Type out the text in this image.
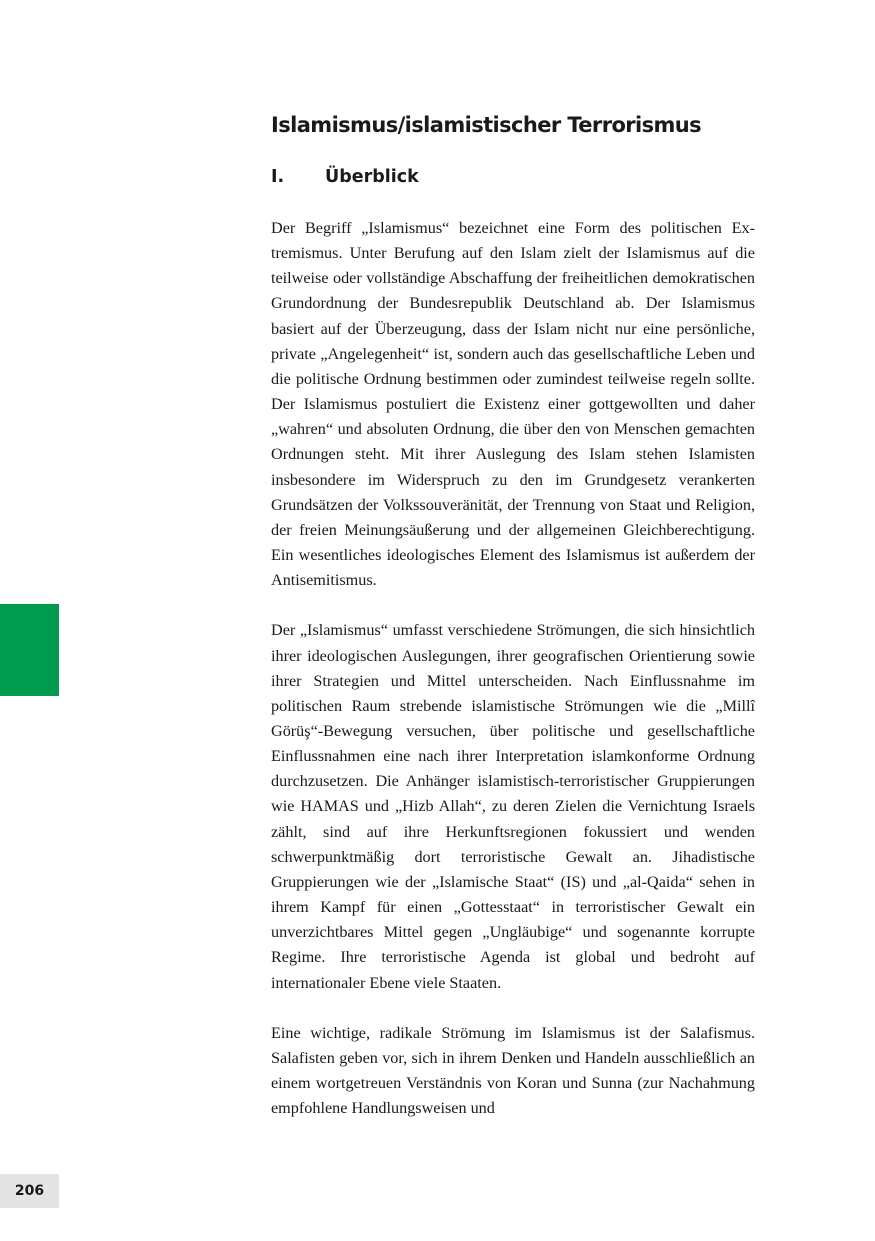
Islamismus/islamistischer Terrorismus
I. Überblick

Der Begriff „Islamismus“ bezeichnet eine Form des politischen Extremismus. Unter Berufung auf den Islam zielt der Islamismus auf die teilweise oder vollständige Abschaffung der freiheitlichen demokratischen Grundordnung der Bundesrepublik Deutschland ab. Der Islamismus basiert auf der Überzeugung, dass der Islam nicht nur eine persönliche, private „Angelegenheit“ ist, sondern auch das gesellschaftliche Leben und die politische Ordnung bestimmen oder zumindest teilweise regeln sollte. Der Islamismus postuliert die Existenz einer gottgewollten und daher „wahren“ und absoluten Ordnung, die über den von Menschen gemachten Ordnungen steht. Mit ihrer Auslegung des Islam stehen Islamisten insbesondere im Widerspruch zu den im Grundgesetz verankerten Grundsätzen der Volkssouveränität, der Trennung von Staat und Religion, der freien Meinungsäußerung und der allgemeinen Gleichberechtigung. Ein wesentliches ideologisches Element des Islamismus ist außerdem der Antisemitismus.

Der „Islamismus“ umfasst verschiedene Strömungen, die sich hinsichtlich ihrer ideologischen Auslegungen, ihrer geografischen Orientierung sowie ihrer Strategien und Mittel unterscheiden. Nach Einflussnahme im politischen Raum strebende islamistische Strömungen wie die „Millî Görüş“-Bewegung versuchen, über politische und gesellschaftliche Einflussnahmen eine nach ihrer Interpretation islamkonforme Ordnung durchzusetzen. Die Anhänger islamistisch-terroristischer Gruppierungen wie HAMAS und „Hizb Allah“, zu deren Zielen die Vernichtung Israels zählt, sind auf ihre Herkunftsregionen fokussiert und wenden schwerpunktmäßig dort terroristische Gewalt an. Jihadistische Gruppierungen wie der „Islamische Staat“ (IS) und „al-Qaida“ sehen in ihrem Kampf für einen „Gottesstaat“ in terroristischer Gewalt ein unverzichtbares Mittel gegen „Ungläubige“ und sogenannte korrupte Regime. Ihre terroristische Agenda ist global und bedroht auf internationaler Ebene viele Staaten.

Eine wichtige, radikale Strömung im Islamismus ist der Salafismus. Salafisten geben vor, sich in ihrem Denken und Handeln ausschließlich an einem wortgetreuen Verständnis von Koran und Sunna (zur Nachahmung empfohlene Handlungsweisen und

206
